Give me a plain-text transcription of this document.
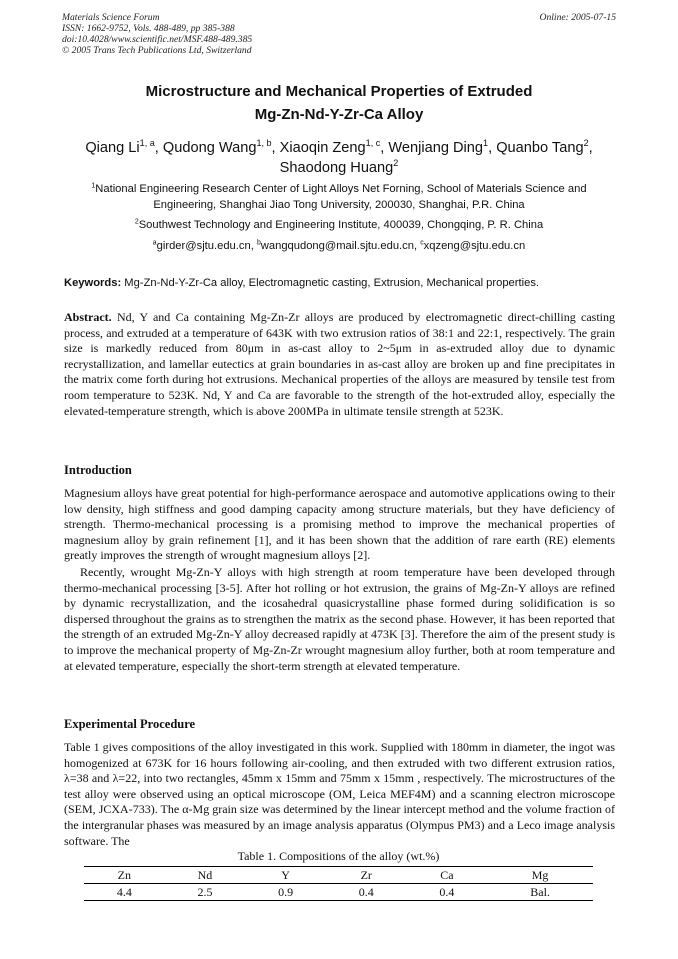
Materials Science Forum
ISSN: 1662-9752, Vols. 488-489, pp 385-388
doi:10.4028/www.scientific.net/MSF.488-489.385
© 2005 Trans Tech Publications Ltd, Switzerland
Online: 2005-07-15
Microstructure and Mechanical Properties of Extruded
Mg-Zn-Nd-Y-Zr-Ca Alloy
Qiang Li$^{1, a}$, Qudong Wang$^{1, b}$, Xiaoqin Zeng$^{1, c}$, Wenjiang Ding$^1$, Quanbo Tang$^2$, Shaodong Huang$^2$
$^1$National Engineering Research Center of Light Alloys Net Forning, School of Materials Science and Engineering, Shanghai Jiao Tong University, 200030, Shanghai, P.R. China
$^2$Southwest Technology and Engineering Institute, 400039, Chongqing, P. R. China
$^a$girder@sjtu.edu.cn, $^b$wangqudong@mail.sjtu.edu.cn, $^c$xqzeng@sjtu.edu.cn
Keywords: Mg-Zn-Nd-Y-Zr-Ca alloy, Electromagnetic casting, Extrusion, Mechanical properties.
Abstract. Nd, Y and Ca containing Mg-Zn-Zr alloys are produced by electromagnetic direct-chilling casting process, and extruded at a temperature of 643K with two extrusion ratios of 38:1 and 22:1, respectively. The grain size is markedly reduced from 80μm in as-cast alloy to 2~5μm in as-extruded alloy due to dynamic recrystallization, and lamellar eutectics at grain boundaries in as-cast alloy are broken up and fine precipitates in the matrix come forth during hot extrusions. Mechanical properties of the alloys are measured by tensile test from room temperature to 523K. Nd, Y and Ca are favorable to the strength of the hot-extruded alloy, especially the elevated-temperature strength, which is above 200MPa in ultimate tensile strength at 523K.
Introduction
Magnesium alloys have great potential for high-performance aerospace and automotive applications owing to their low density, high stiffness and good damping capacity among structure materials, but they have deficiency of strength. Thermo-mechanical processing is a promising method to improve the mechanical properties of magnesium alloy by grain refinement [1], and it has been shown that the addition of rare earth (RE) elements greatly improves the strength of wrought magnesium alloys [2].
Recently, wrought Mg-Zn-Y alloys with high strength at room temperature have been developed through thermo-mechanical processing [3-5]. After hot rolling or hot extrusion, the grains of Mg-Zn-Y alloys are refined by dynamic recrystallization, and the icosahedral quasicrystalline phase formed during solidification is so dispersed throughout the grains as to strengthen the matrix as the second phase. However, it has been reported that the strength of an extruded Mg-Zn-Y alloy decreased rapidly at 473K [3]. Therefore the aim of the present study is to improve the mechanical property of Mg-Zn-Zr wrought magnesium alloy further, both at room temperature and at elevated temperature, especially the short-term strength at elevated temperature.
Experimental Procedure
Table 1 gives compositions of the alloy investigated in this work. Supplied with 180mm in diameter, the ingot was homogenized at 673K for 16 hours following air-cooling, and then extruded with two different extrusion ratios, λ=38 and λ=22, into two rectangles, 45mm x 15mm and 75mm x 15mm , respectively. The microstructures of the test alloy were observed using an optical microscope (OM, Leica MEF4M) and a scanning electron microscope (SEM, JCXA-733). The α-Mg grain size was determined by the linear intercept method and the volume fraction of the intergranular phases was measured by an image analysis apparatus (Olympus PM3) and a Leco image analysis software. The
Table 1. Compositions of the alloy (wt.%)
Zn	Nd	Y	Zr	Ca	Mg
4.4	2.5	0.9	0.4	0.4	Bal.
